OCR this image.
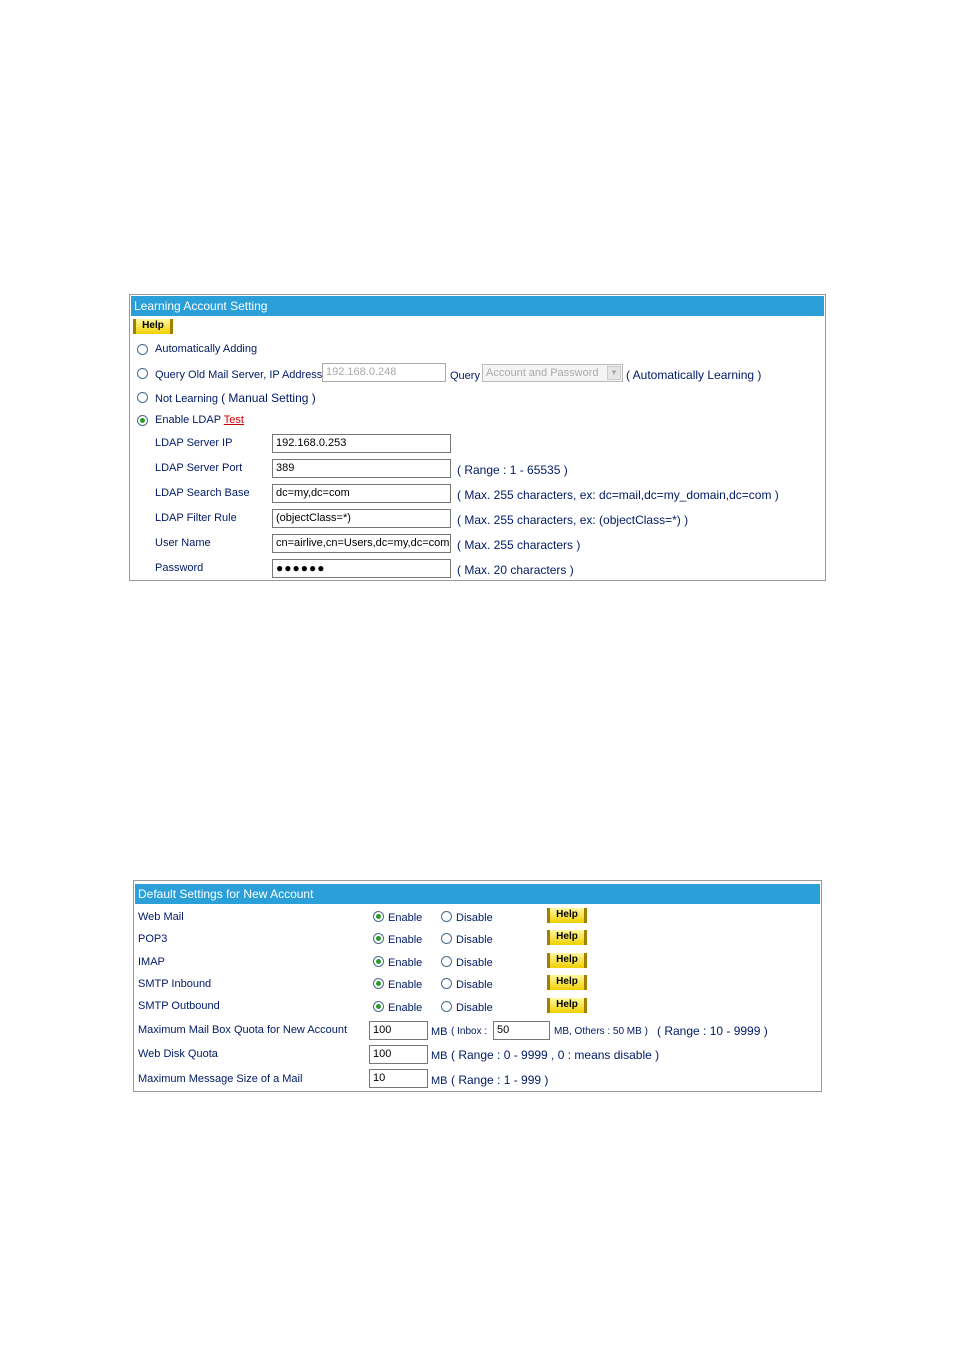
Learning Account Setting
Help
Automatically Adding
Query Old Mail Server, IP Address 192.168.0.248	Query Account and Password	▼ ( Automatically Learning )
Not Learning ( Manual Setting )
Enable LDAP Test
LDAP Server IP	192.168.0.253
LDAP Server Port	389	( Range : 1 - 65535 )
LDAP Search Base	dc=my,dc=com	( Max. 255 characters, ex: dc=mail,dc=my_domain,dc=com )
LDAP Filter Rule	(objectClass=*)	( Max. 255 characters, ex: (objectClass=*) )
User Name	cn=airlive,cn=Users,dc=my,dc=com ( Max. 255 characters )
Password	●●●●●●	( Max. 20 characters )
Default Settings for New Account
Web Mail	Enable	Disable	Help
POP3	Enable	Disable	Help
IMAP	Enable	Disable	Help
SMTP Inbound	Enable	Disable	Help
SMTP Outbound	Enable	Disable	Help
Maximum Mail Box Quota for New Account	100	MB ( Inbox : 50	MB, Others : 50 MB ) ( Range : 10 - 9999 )
Web Disk Quota	100	MB ( Range : 0 - 9999 , 0 : means disable )
Maximum Message Size of a Mail	10	MB ( Range : 1 - 999 )
